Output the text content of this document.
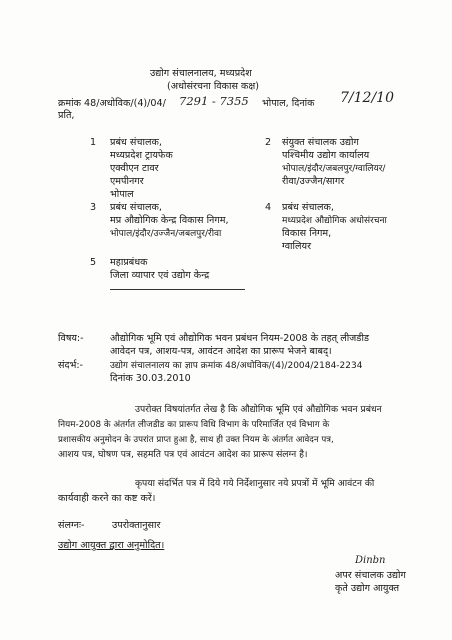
उद्योग संचालनालय, मध्यप्रदेश
(अधोसंरचना विकास कक्ष)
क्रमांक 48/अधोविक/(4)/04/ 7291 - 7355 भोपाल, दिनांक 7/12/10
प्रति,
1 प्रबंध संचालक,
मध्यप्रदेश ट्रायफेक
एक्वीएन टावर
एमपीनगर
भोपाल
2 संयुक्त संचालक उद्योग
पश्चिमीय उद्योग कार्यालय
भोपाल/इंदौर/जबलपुर/ग्वालियर/
रीवा/उज्जैन/सागर
3 प्रबंध संचालक,
मप्र औद्योगिक केन्द्र विकास निगम,
भोपाल/इंदौर/उज्जैन/जबलपुर/रीवा
4 प्रबंध संचालक,
मध्यप्रदेश औद्योगिक अधोसंरचना
विकास निगम,
ग्वालियर
5 महाप्रबंधक
जिला व्यापार एवं उद्योग केन्द्र
विषय:-	औद्योगिक भूमि एवं औद्योगिक भवन प्रबंधन नियम-2008 के तहत् लीजडीड
आवेदन पत्र, आशय-पत्र, आवंटन आदेश का प्रारूप भेजने बाबद्।
संदर्भ:-	उद्योग संचालनालय का ज्ञाप क्रमांक 48/अधोविक/(4)/2004/2184-2234
दिनांक 30.03.2010
उपरोक्त विषयांतर्गत लेख है कि औद्योगिक भूमि एवं औद्योगिक भवन प्रबंधन
नियम-2008 के अंतर्गत लीजडीड का प्रारूप विधि विभाग के परिमार्जित एवं विभाग के
प्रशासकीय अनुमोदन के उपरांत प्राप्त हुआ है, साथ ही उक्त नियम के अंतर्गत आवेदन पत्र,
आशय पत्र, घोषण पत्र, सहमति पत्र एवं आवंटन आदेश का प्रारूप संलग्न है।
कृपया संदर्भित पत्र में दिये गये निर्देशानुसार नये प्रपत्रों में भूमि आवंटन की
कार्यवाही करने का कष्ट करें।
संलग्नः-	उपरोक्तानुसार
उद्योग आयुक्त द्वारा अनुमोदित।
Dinbn
अपर संचालक उद्योग
कृते उद्योग आयुक्त
